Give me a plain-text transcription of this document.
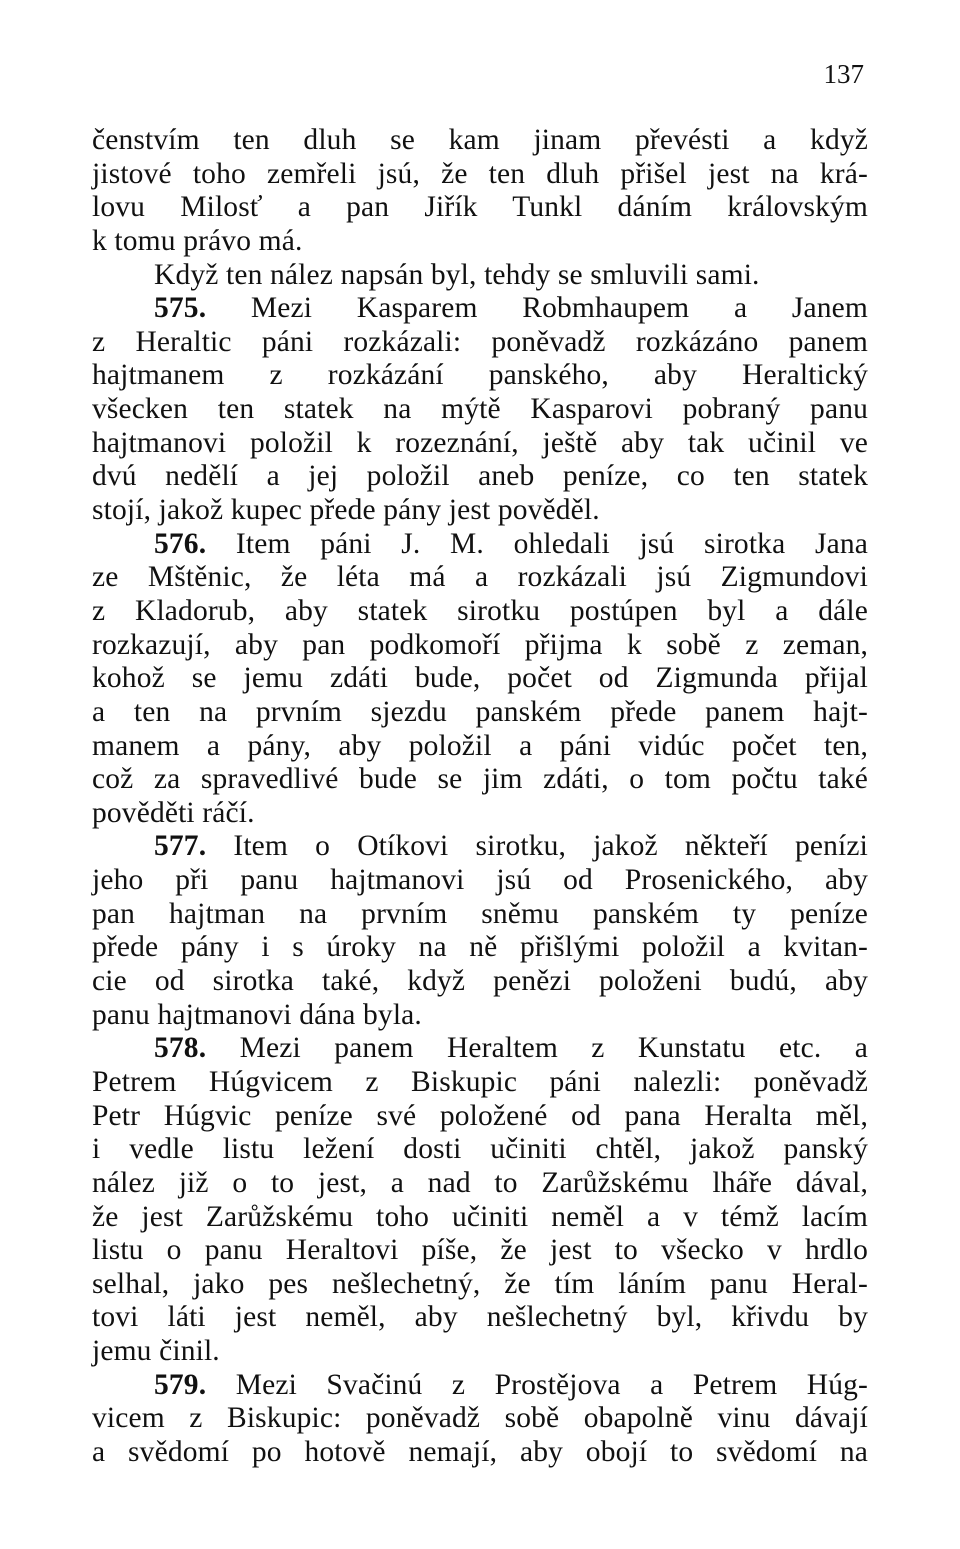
137
čenstvím ten dluh se kam jinam převésti a když
jistové toho zemřeli jsú, že ten dluh přišel jest na krá-
lovu Milosť a pan Jiřík Tunkl dáním královským
k tomu právo má.
Když ten nález napsán byl, tehdy se smluvili sami.
575. Mezi Kasparem Robmhaupem a Janem
z Heraltic páni rozkázali: poněvadž rozkázáno panem
hajtmanem z rozkázání panského, aby Heraltický
všecken ten statek na mýtě Kasparovi pobraný panu
hajtmanovi položil k rozeznání, ještě aby tak učinil ve
dvú nedělí a jej položil aneb peníze, co ten statek
stojí, jakož kupec přede pány jest pověděl.
576. Item páni J. M. ohledali jsú sirotka Jana
ze Mštěnic, že léta má a rozkázali jsú Zigmundovi
z Kladorub, aby statek sirotku postúpen byl a dále
rozkazují, aby pan podkomoří přijma k sobě z zeman,
kohož se jemu zdáti bude, počet od Zigmunda přijal
a ten na prvním sjezdu panském přede panem hajt-
manem a pány, aby položil a páni vidúc počet ten,
což za spravedlivé bude se jim zdáti, o tom počtu také
pověděti ráčí.
577. Item o Otíkovi sirotku, jakož někteří penízi
jeho při panu hajtmanovi jsú od Prosenického, aby
pan hajtman na prvním sněmu panském ty peníze
přede pány i s úroky na ně přišlými položil a kvitan-
cie od sirotka také, když penězi položeni budú, aby
panu hajtmanovi dána byla.
578. Mezi panem Heraltem z Kunstatu etc. a
Petrem Húgvicem z Biskupic páni nalezli: poněvadž
Petr Húgvic peníze své položené od pana Heralta měl,
i vedle listu ležení dosti učiniti chtěl, jakož panský
nález již o to jest, a nad to Zarůžskému lháře dával,
že jest Zarůžskému toho učiniti neměl a v témž lacím
listu o panu Heraltovi píše, že jest to všecko v hrdlo
selhal, jako pes nešlechetný, že tím láním panu Heral-
tovi láti jest neměl, aby nešlechetný byl, křivdu by
jemu činil.
579. Mezi Svačinú z Prostějova a Petrem Húg-
vicem z Biskupic: poněvadž sobě obapolně vinu dávají
a svědomí po hotově nemají, aby obojí to svědomí na
